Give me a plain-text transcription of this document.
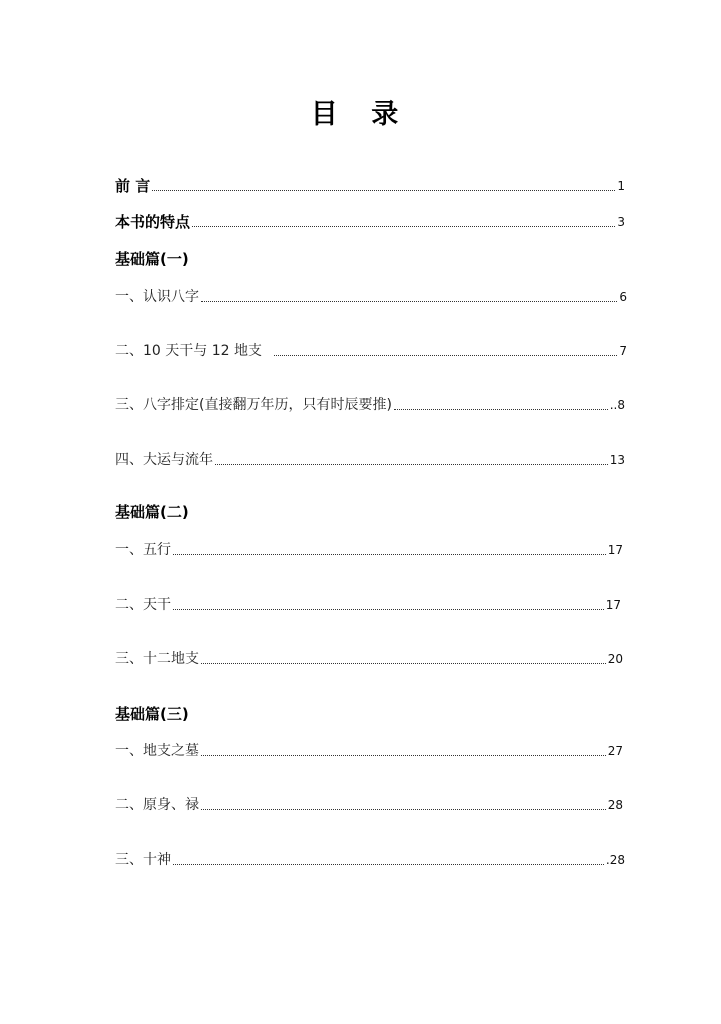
目 录
前 言	1
本书的特点	3
基础篇(一)
一、认识八字	6
二、10 天干与 12 地支	7
三、八字排定(直接翻万年历，只有时辰要推)	..8
四、大运与流年	13
基础篇(二)
一、五行	17
二、天干	17
三、十二地支	20
基础篇(三)
一、地支之墓	27
二、原身、禄	28
三、十神	.28
